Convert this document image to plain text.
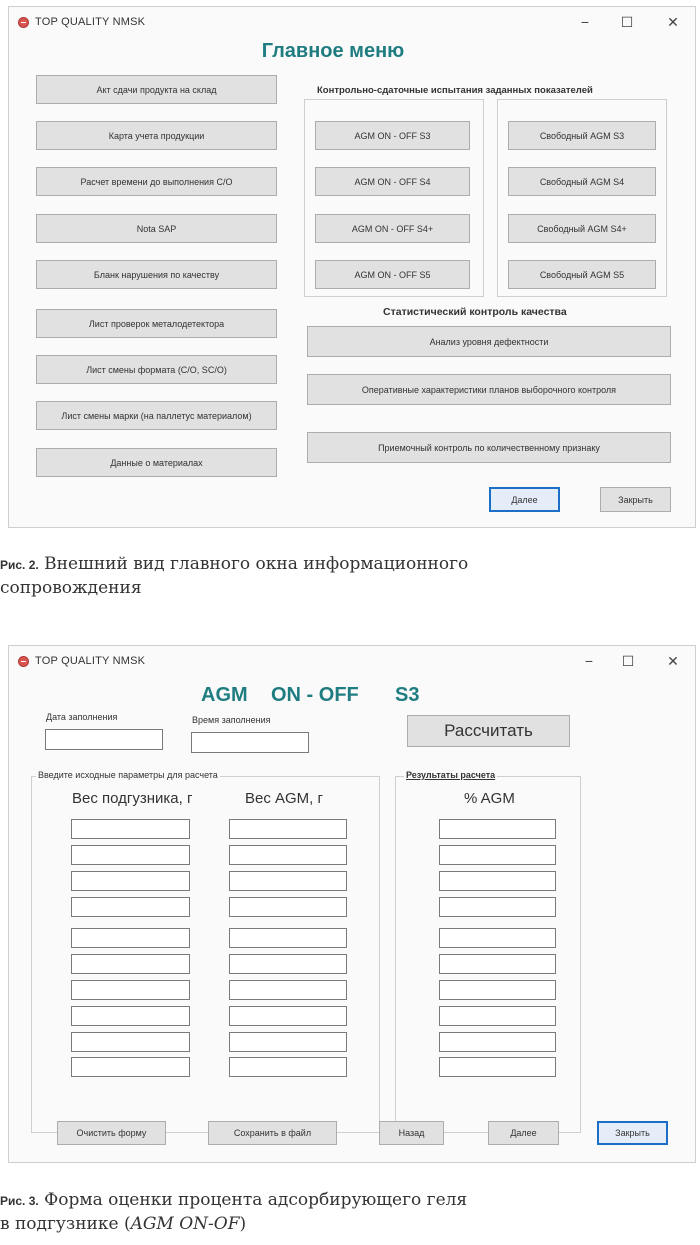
TOP QUALITY NMSK	−	☐ ✕
Главное меню
Акт сдачи продукта на склад
Карта учета продукции
Расчет времени до выполнения С/О
Nota SAP
Бланк нарушения по качеству
Лист проверок металодетектора
Лист смены формата (С/О, SC/O)
Лист смены марки (на паллетус материалом)
Данные о материалах
Контрольно-сдаточные испытания заданных показателей
AGM ON - OFF S3
AGM ON - OFF S4
AGM ON - OFF S4+
AGM ON - OFF S5
Свободный AGM S3
Свободный AGM S4
Свободный AGM S4+
Свободный AGM S5
Статистический контроль качества
Анализ уровня дефектности
Оперативные характеристики планов выборочного контроля
Приемочный контроль по количественному признаку
Далее	Закрыть
Рис. 2. Внешний вид главного окна информационного
сопровождения
TOP QUALITY NMSK	−	☐ ✕
AGM ON - OFF S3
Дата заполнения	Время заполнения
Рассчитать
Введите исходные параметры для расчета
Вес подгузника, г	Вес AGM, г
Результаты расчета
% AGM
Очистить форму	Сохранить в файл	Назад	Далее	Закрыть
Рис. 3. Форма оценки процента адсорбирующего геля
в подгузнике (AGM ON-OF)
